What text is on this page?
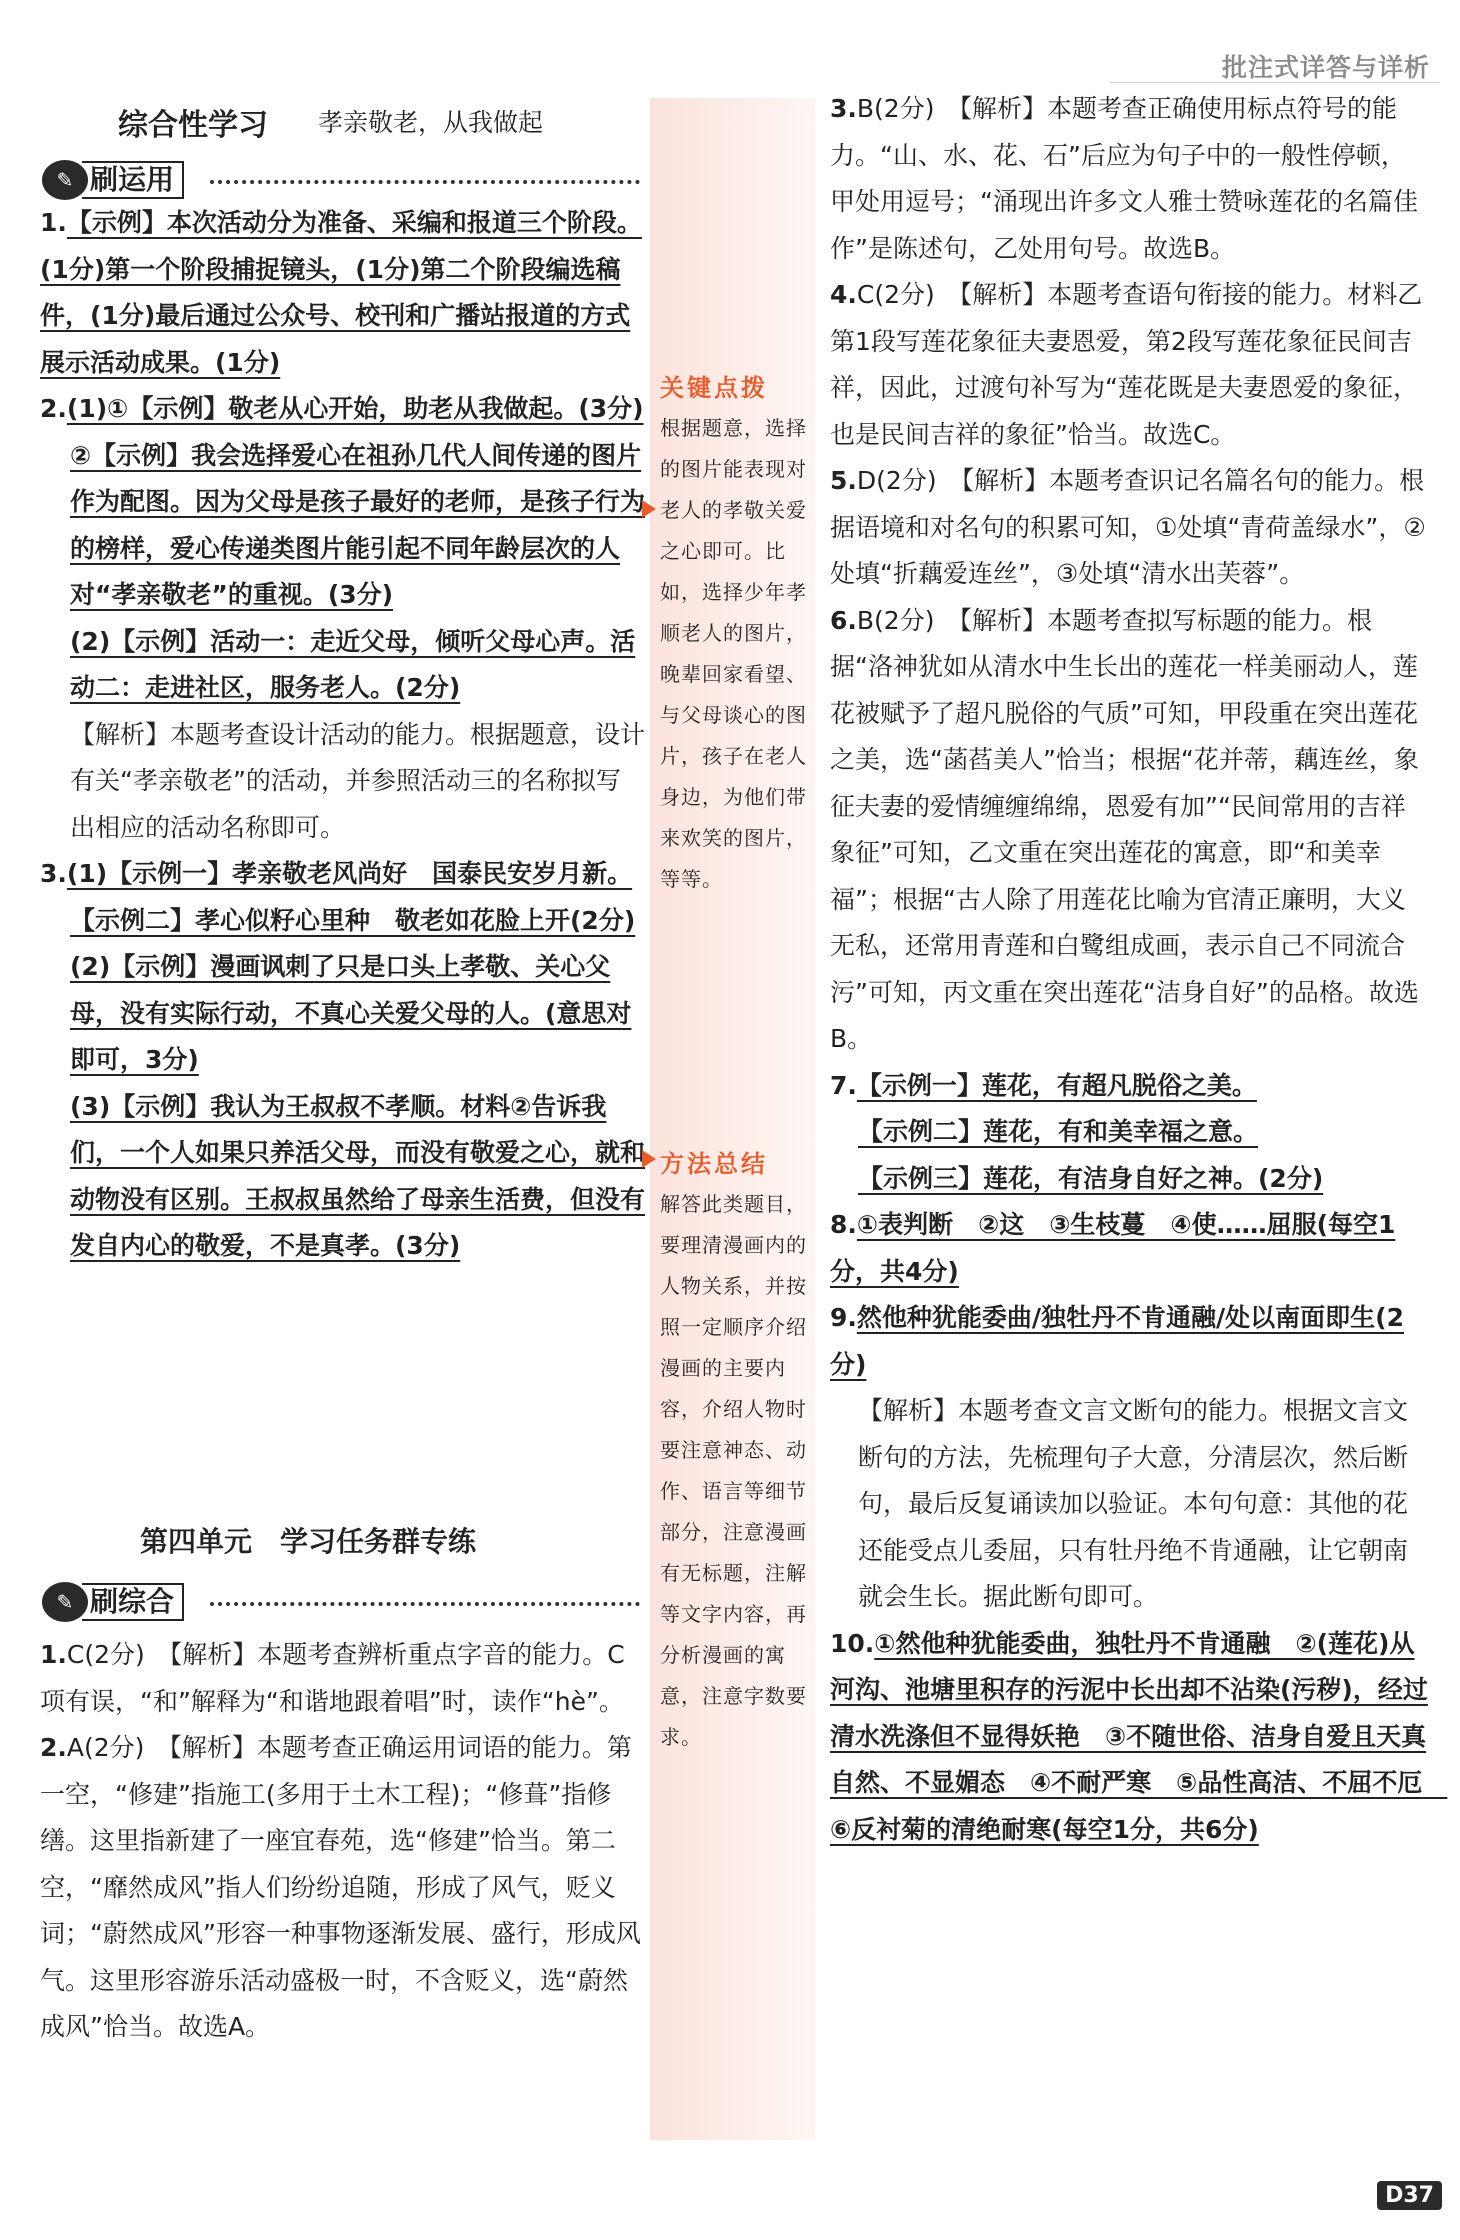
批注式详答与详析
综合性学习 孝亲敬老，从我做起
✎ 刷运用

1.【示例】本次活动分为准备、采编和报道三个阶段。(1分)第一个阶段捕捉镜头，(1分)第二个阶段编选稿件，(1分)最后通过公众号、校刊和广播站报道的方式展示活动成果。(1分)

2.(1)①【示例】敬老从心开始，助老从我做起。(3分)

②【示例】我会选择爱心在祖孙几代人间传递的图片作为配图。因为父母是孩子最好的老师，是孩子行为的榜样，爱心传递类图片能引起不同年龄层次的人对“孝亲敬老”的重视。(3分)

(2)【示例】活动一：走近父母，倾听父母心声。活动二：走进社区，服务老人。(2分)

【解析】本题考查设计活动的能力。根据题意，设计有关“孝亲敬老”的活动，并参照活动三的名称拟写出相应的活动名称即可。

3.(1)【示例一】孝亲敬老风尚好　国泰民安岁月新。

【示例二】孝心似籽心里种　敬老如花脸上开(2分)

(2)【示例】漫画讽刺了只是口头上孝敬、关心父母，没有实际行动，不真心关爱父母的人。(意思对即可，3分)

(3)【示例】我认为王叔叔不孝顺。材料②告诉我们，一个人如果只养活父母，而没有敬爱之心，就和动物没有区别。王叔叔虽然给了母亲生活费，但没有发自内心的敬爱，不是真孝。(3分)

第四单元　学习任务群专练
✎ 刷综合

1.C(2分)　【解析】本题考查辨析重点字音的能力。C项有误，“和”解释为“和谐地跟着唱”时，读作“hè”。

2.A(2分)　【解析】本题考查正确运用词语的能力。第一空，“修建”指施工(多用于土木工程)；“修葺”指修缮。这里指新建了一座宜春苑，选“修建”恰当。第二空，“靡然成风”指人们纷纷追随，形成了风气，贬义词；“蔚然成风”形容一种事物逐渐发展、盛行，形成风气。这里形容游乐活动盛极一时，不含贬义，选“蔚然成风”恰当。故选A。

关键点拨
根据题意，选择的图片能表现对老人的孝敬关爱之心即可。比如，选择少年孝顺老人的图片，晚辈回家看望、与父母谈心的图片，孩子在老人身边，为他们带来欢笑的图片，等等。
方法总结
解答此类题目，要理清漫画内的人物关系，并按照一定顺序介绍漫画的主要内容，介绍人物时要注意神态、动作、语言等细节部分，注意漫画有无标题，注解等文字内容，再分析漫画的寓意，注意字数要求。

3.B(2分)　【解析】本题考查正确使用标点符号的能力。“山、水、花、石”后应为句子中的一般性停顿，甲处用逗号；“涌现出许多文人雅士赞咏莲花的名篇佳作”是陈述句，乙处用句号。故选B。

4.C(2分)　【解析】本题考查语句衔接的能力。材料乙第1段写莲花象征夫妻恩爱，第2段写莲花象征民间吉祥，因此，过渡句补写为“莲花既是夫妻恩爱的象征，也是民间吉祥的象征”恰当。故选C。

5.D(2分)　【解析】本题考查识记名篇名句的能力。根据语境和对名句的积累可知，①处填“青荷盖绿水”，②处填“折藕爱连丝”，③处填“清水出芙蓉”。

6.B(2分)　【解析】本题考查拟写标题的能力。根据“洛神犹如从清水中生长出的莲花一样美丽动人，莲花被赋予了超凡脱俗的气质”可知，甲段重在突出莲花之美，选“菡萏美人”恰当；根据“花并蒂，藕连丝，象征夫妻的爱情缠缠绵绵，恩爱有加”“民间常用的吉祥象征”可知，乙文重在突出莲花的寓意，即“和美幸福”；根据“古人除了用莲花比喻为官清正廉明，大义无私，还常用青莲和白鹭组成画，表示自己不同流合污”可知，丙文重在突出莲花“洁身自好”的品格。故选B。

7.【示例一】莲花，有超凡脱俗之美。

【示例二】莲花，有和美幸福之意。

【示例三】莲花，有洁身自好之神。(2分)

8.①表判断　②这　③生枝蔓　④使……屈服(每空1分，共4分)

9.然他种犹能委曲/独牡丹不肯通融/处以南面即生(2分)

【解析】本题考查文言文断句的能力。根据文言文断句的方法，先梳理句子大意，分清层次，然后断句，最后反复诵读加以验证。本句句意：其他的花还能受点儿委屈，只有牡丹绝不肯通融，让它朝南就会生长。据此断句即可。

10.①然他种犹能委曲，独牡丹不肯通融　②(莲花)从河沟、池塘里积存的污泥中长出却不沾染(污秽)，经过清水洗涤但不显得妖艳　③不随世俗、洁身自爱且天真自然、不显媚态　④不耐严寒　⑤品性高洁、不屈不厄　⑥反衬菊的清绝耐寒(每空1分，共6分)

D37
